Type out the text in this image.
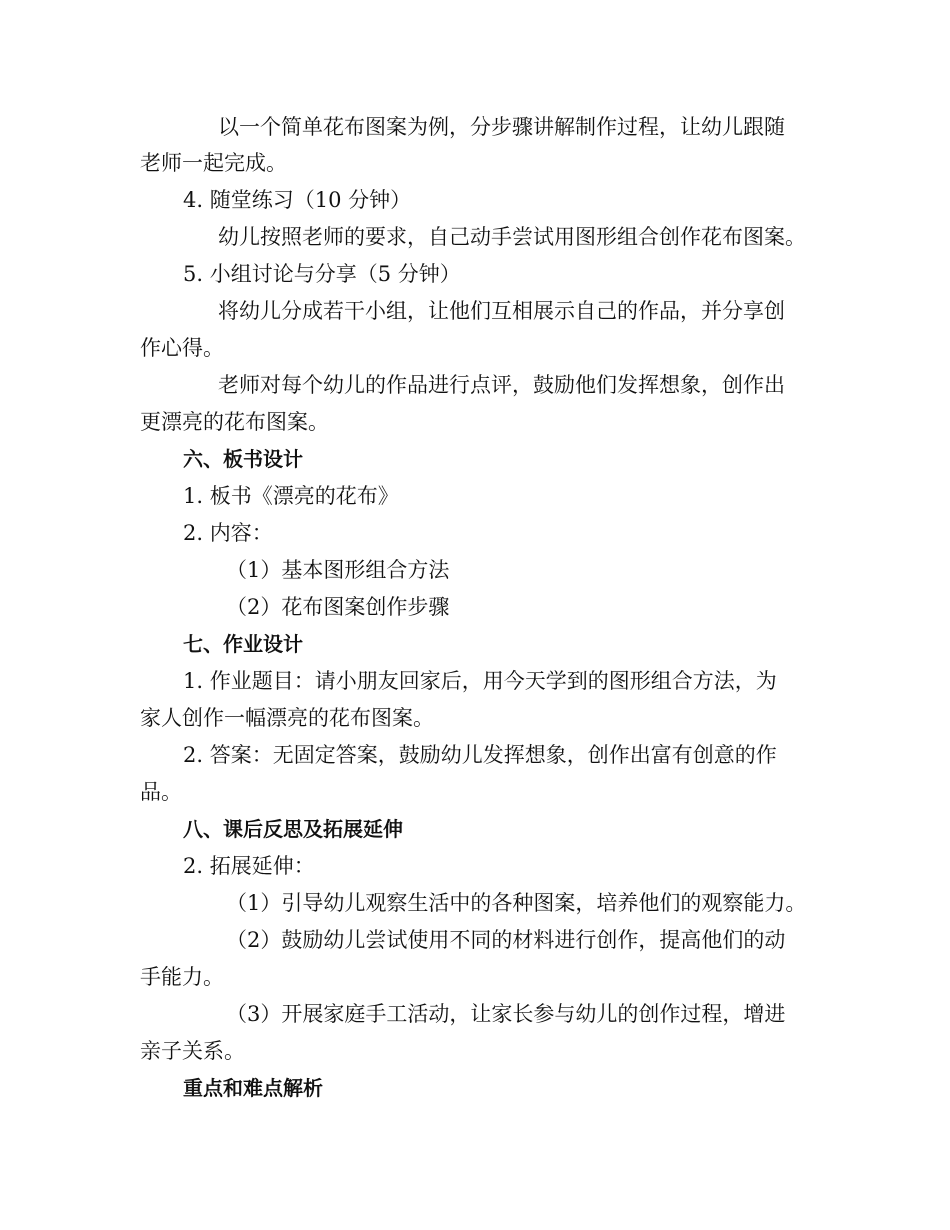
以一个简单花布图案为例，分步骤讲解制作过程，让幼儿跟随
老师一起完成。
4. 随堂练习（10 分钟）
幼儿按照老师的要求，自己动手尝试用图形组合创作花布图案。
5. 小组讨论与分享（5 分钟）
将幼儿分成若干小组，让他们互相展示自己的作品，并分享创
作心得。
老师对每个幼儿的作品进行点评，鼓励他们发挥想象，创作出
更漂亮的花布图案。
六、板书设计
1. 板书《漂亮的花布》
2. 内容：
（1）基本图形组合方法
（2）花布图案创作步骤
七、作业设计
1. 作业题目：请小朋友回家后，用今天学到的图形组合方法，为
家人创作一幅漂亮的花布图案。
2. 答案：无固定答案，鼓励幼儿发挥想象，创作出富有创意的作
品。
八、课后反思及拓展延伸
2. 拓展延伸：
（1）引导幼儿观察生活中的各种图案，培养他们的观察能力。
（2）鼓励幼儿尝试使用不同的材料进行创作，提高他们的动
手能力。
（3）开展家庭手工活动，让家长参与幼儿的创作过程，增进
亲子关系。
重点和难点解析
